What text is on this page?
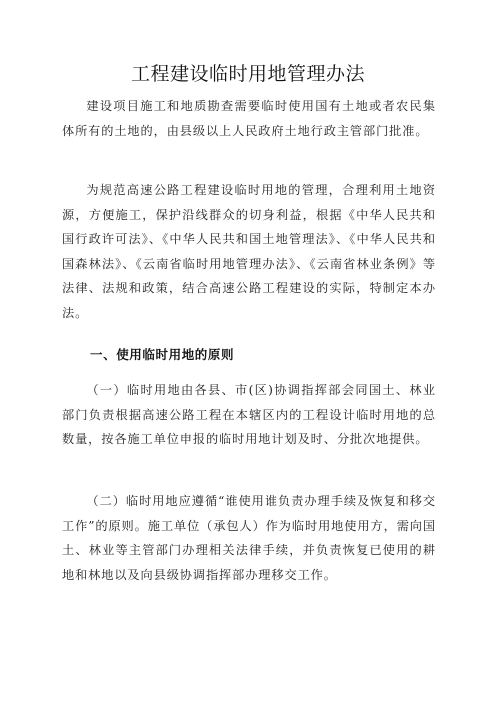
工程建设临时用地管理办法

建设项目施工和地质勘查需要临时使用国有土地或者农民集体所有的土地的，由县级以上人民政府土地行政主管部门批准。

为规范高速公路工程建设临时用地的管理，合理利用土地资源，方便施工，保护沿线群众的切身利益，根据《中华人民共和国行政许可法》、《中华人民共和国土地管理法》、《中华人民共和国森林法》、《云南省临时用地管理办法》、《云南省林业条例》等法律、法规和政策，结合高速公路工程建设的实际，特制定本办法。

一、使用临时用地的原则

（一）临时用地由各县、市(区)协调指挥部会同国土、林业部门负责根据高速公路工程在本辖区内的工程设计临时用地的总数量，按各施工单位申报的临时用地计划及时、分批次地提供。

（二）临时用地应遵循“谁使用谁负责办理手续及恢复和移交工作”的原则。施工单位（承包人）作为临时用地使用方，需向国土、林业等主管部门办理相关法律手续，并负责恢复已使用的耕地和林地以及向县级协调指挥部办理移交工作。
